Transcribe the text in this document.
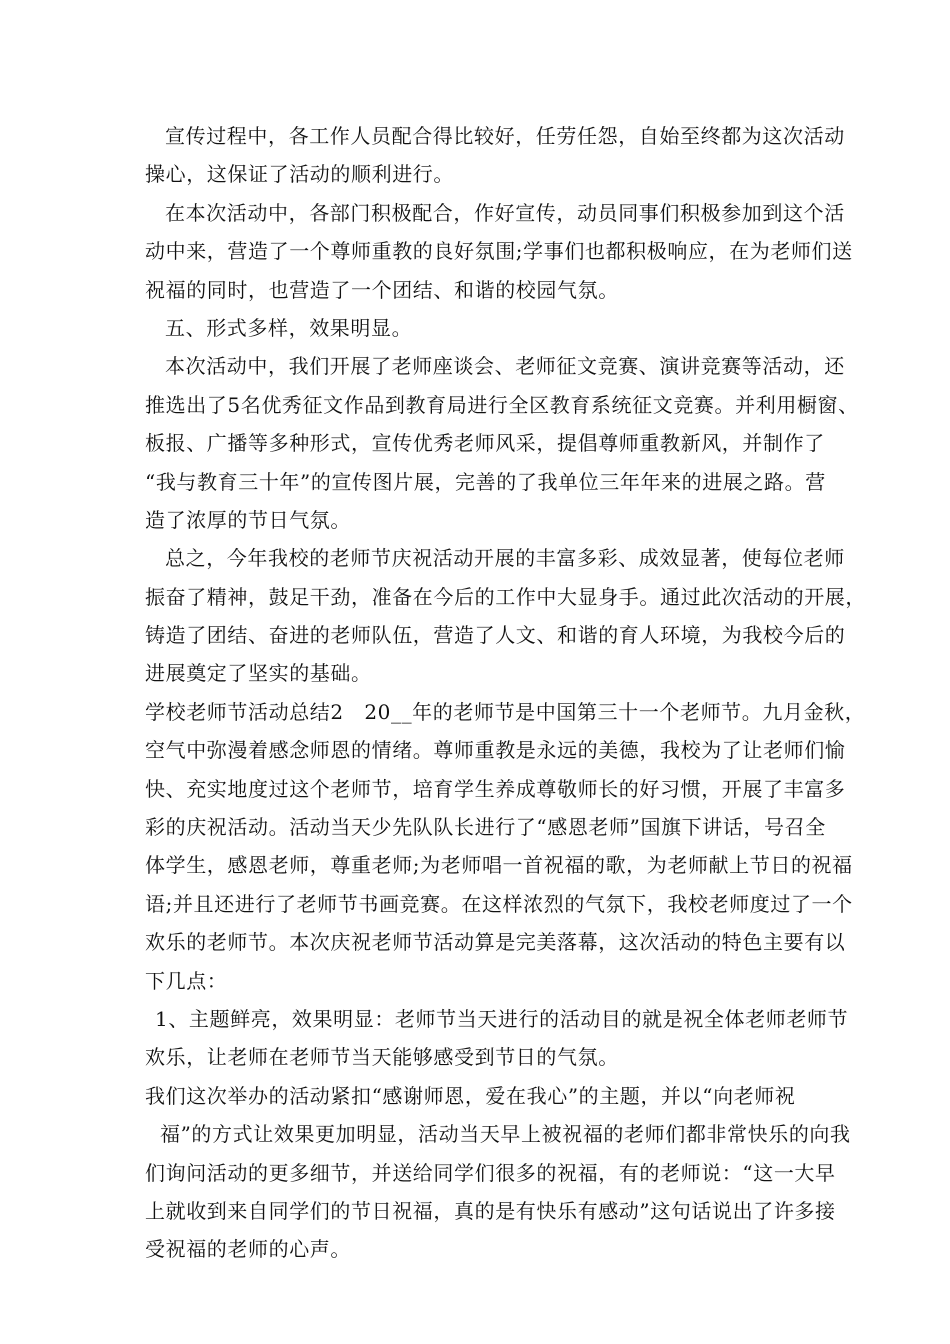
宣传过程中，各工作人员配合得比较好，任劳任怨，自始至终都为这次活动
操心，这保证了活动的顺利进行。
在本次活动中，各部门积极配合，作好宣传，动员同事们积极参加到这个活
动中来，营造了一个尊师重教的良好氛围;学事们也都积极响应，在为老师们送
祝福的同时，也营造了一个团结、和谐的校园气氛。
五、形式多样，效果明显。
本次活动中，我们开展了老师座谈会、老师征文竞赛、演讲竞赛等活动，还
推选出了5名优秀征文作品到教育局进行全区教育系统征文竞赛。并利用橱窗、
板报、广播等多种形式，宣传优秀老师风采，提倡尊师重教新风，并制作了
“我与教育三十年”的宣传图片展，完善的了我单位三年年来的进展之路。营
造了浓厚的节日气氛。
总之，今年我校的老师节庆祝活动开展的丰富多彩、成效显著，使每位老师
振奋了精神，鼓足干劲，准备在今后的工作中大显身手。通过此次活动的开展，
铸造了团结、奋进的老师队伍，营造了人文、和谐的育人环境，为我校今后的
进展奠定了坚实的基础。
学校老师节活动总结2　20__年的老师节是中国第三十一个老师节。九月金秋，
空气中弥漫着感念师恩的情绪。尊师重教是永远的美德，我校为了让老师们愉
快、充实地度过这个老师节，培育学生养成尊敬师长的好习惯，开展了丰富多
彩的庆祝活动。活动当天少先队队长进行了“感恩老师”国旗下讲话，号召全
体学生，感恩老师，尊重老师;为老师唱一首祝福的歌，为老师献上节日的祝福
语;并且还进行了老师节书画竞赛。在这样浓烈的气氛下，我校老师度过了一个
欢乐的老师节。本次庆祝老师节活动算是完美落幕，这次活动的特色主要有以
下几点：
1、主题鲜亮，效果明显：老师节当天进行的活动目的就是祝全体老师老师节
欢乐，让老师在老师节当天能够感受到节日的气氛。
我们这次举办的活动紧扣“感谢师恩，爱在我心”的主题，并以“向老师祝
福”的方式让效果更加明显，活动当天早上被祝福的老师们都非常快乐的向我
们询问活动的更多细节，并送给同学们很多的祝福，有的老师说：“这一大早
上就收到来自同学们的节日祝福，真的是有快乐有感动”这句话说出了许多接
受祝福的老师的心声。
